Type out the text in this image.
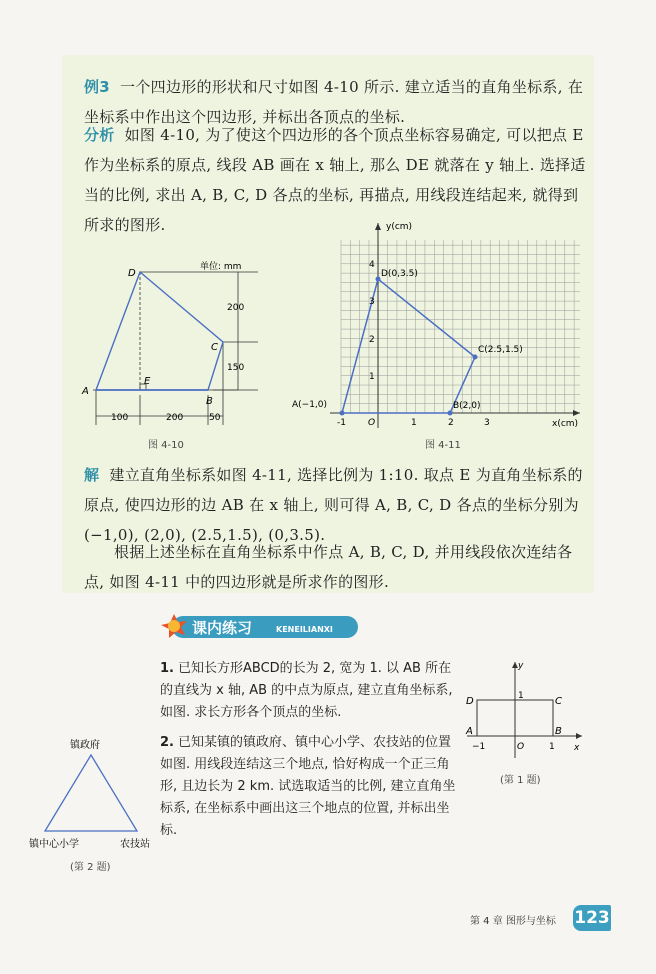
例3 一个四边形的形状和尺寸如图 4-10 所示. 建立适当的直角坐标系, 在坐标系中作出这个四边形, 并标出各顶点的坐标.

分析 如图 4-10, 为了使这个四边形的各个顶点坐标容易确定, 可以把点 E 作为坐标系的原点, 线段 AB 画在 x 轴上, 那么 DE 就落在 y 轴上. 选择适当的比例, 求出 A, B, C, D 各点的坐标, 再描点, 用线段连结起来, 就得到所求的图形.

A
D
C
B
E
单位: mm
200
150
100	200	50
图 4-10
y(cm)
x(cm)
O
-1	1	2	3
1
2
3
4
A(−1,0)	B(2,0)
C(2.5,1.5)
D(0,3.5)
图 4-11

解 建立直角坐标系如图 4-11, 选择比例为 1:10. 取点 E 为直角坐标系的原点, 使四边形的边 AB 在 x 轴上, 则可得 A, B, C, D 各点的坐标分别为(−1,0), (2,0), (2.5,1.5), (0,3.5).

根据上述坐标在直角坐标系中作点 A, B, C, D, 并用线段依次连结各点, 如图 4-11 中的四边形就是所求作的图形.

课内练习	KENEILIANXI
1. 已知长方形ABCD的长为 2, 宽为 1. 以 AB 所在的直线为 x 轴, AB 的中点为原点, 建立直角坐标系, 如图. 求长方形各个顶点的坐标.
2. 已知某镇的镇政府、镇中心小学、农技站的位置如图. 用线段连结这三个地点, 恰好构成一个正三角形, 且边长为 2 km. 试选取适当的比例, 建立直角坐标系, 在坐标系中画出这三个地点的位置, 并标出坐标.
y
x
D	C
A	B
O
−1	1
1
(第 1 题)
镇政府
镇中心小学	农技站
(第 2 题)
第 4 章 图形与坐标 123
